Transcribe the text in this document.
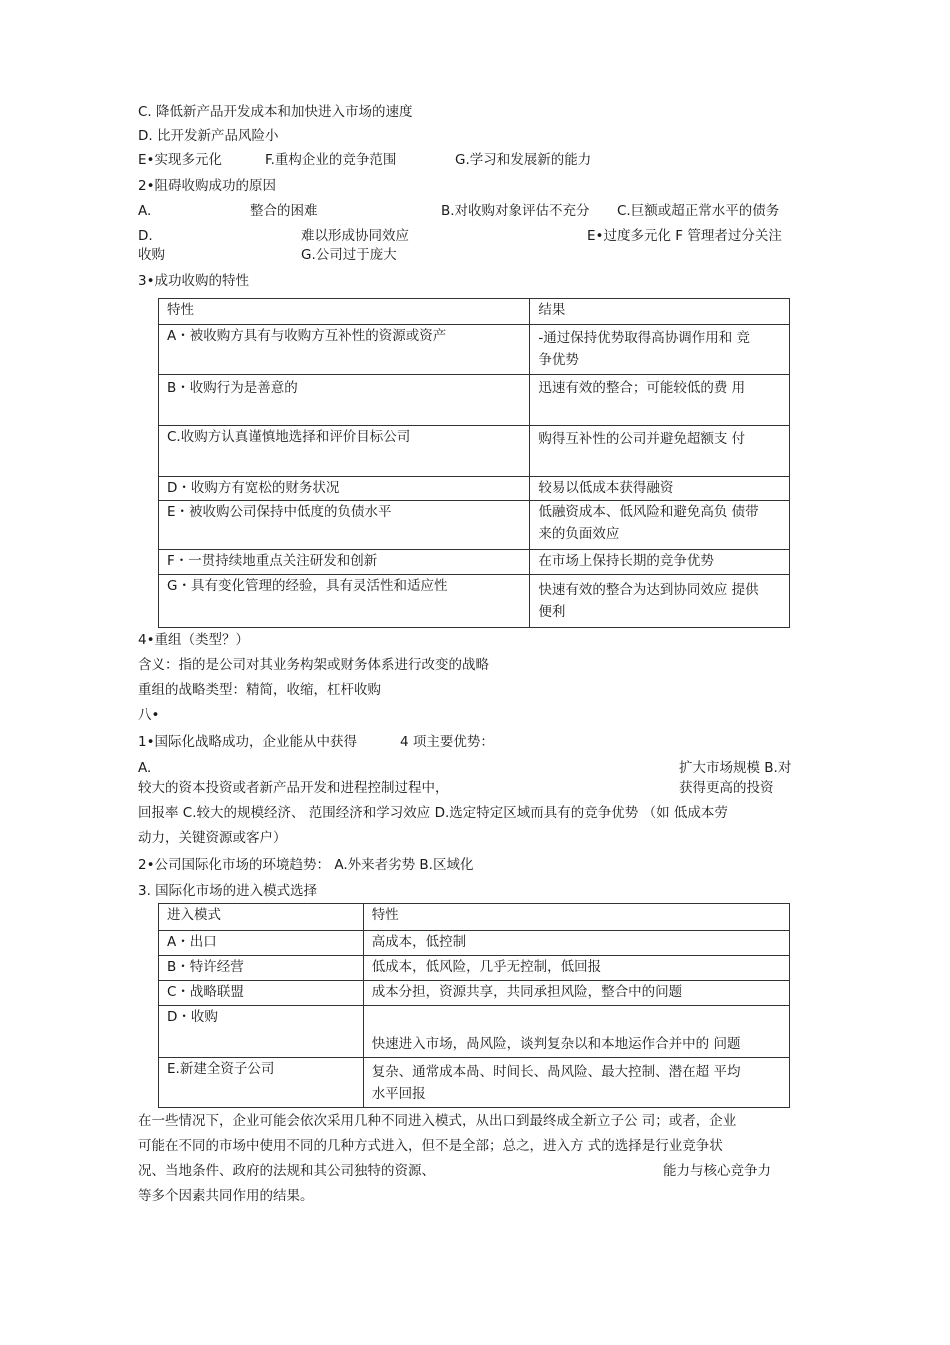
C. 降低新产品开发成本和加快进入市场的速度
D. 比开发新产品风险小
E•实现多元化	F.重构企业的竞争范围	G.学习和发展新的能力
2•阻碍收购成功的原因
A.	整合的困难	B.对收购对象评估不充分 C.巨额或超正常水平的债务
D.	难以形成协同效应	E•过度多元化 F 管理者过分关注
收购	G.公司过于庞大
3•成功收购的特性
特性	结果
A・被收购方具有与收购方互补性的资源或资产	-通过保持优势取得高协调作用和 竞
争优势

B・收购行为是善意的	迅速有效的整合；可能较低的费 用

C.收购方认真谨慎地选择和评价目标公司	购得互补性的公司并避免超额支 付

D・收购方有宽松的财务状况	较易以低成本获得融资

E・被收购公司保持中低度的负债水平	低融资成本、低风险和避免高负 债带
来的负面效应

F・一贯持续地重点关注研发和创新	在市场上保持长期的竞争优势

G・具有变化管理的经验，具有灵活性和适应性	快速有效的整合为达到协同效应 提供
便利
4•重组（类型？）
含义：指的是公司对其业务构架或财务体系进行改变的战略
重组的战略类型：精简，收缩，杠杆收购
八•
1•国际化战略成功，企业能从中获得	4 项主要优势：
A.	扩大市场规模 B.对
较大的资本投资或者新产品开发和进程控制过程中，	获得更高的投资
回报率 C.较大的规模经济、 范围经济和学习效应 D.选定特定区域而具有的竞争优势 （如 低成本劳
动力，关键资源或客户）
2•公司国际化市场的环境趋势： A.外来者劣势 B.区域化
3. 国际化市场的进入模式选择
进入模式	特性
A・出口	高成本，低控制

B・特许经营	低成本，低风险，几乎无控制，低回报

C・战略联盟	成本分担，资源共享，共同承担风险，整合中的问题

D・收购	快速进入市场，咼风险，谈判复杂以和本地运作合并中的 问题

E.新建全资子公司	复杂、通常成本咼、时间长、咼风险、最大控制、潜在超 平均
水平回报
在一些情况下，企业可能会依次采用几种不同进入模式，从出口到最终成全新立子公 司；或者，企业
可能在不同的市场中使用不同的几种方式进入，但不是全部；总之，进入方 式的选择是行业竞争状
况、当地条件、政府的法规和其公司独特的资源、	能力与核心竞争力
等多个因素共同作用的结果。
